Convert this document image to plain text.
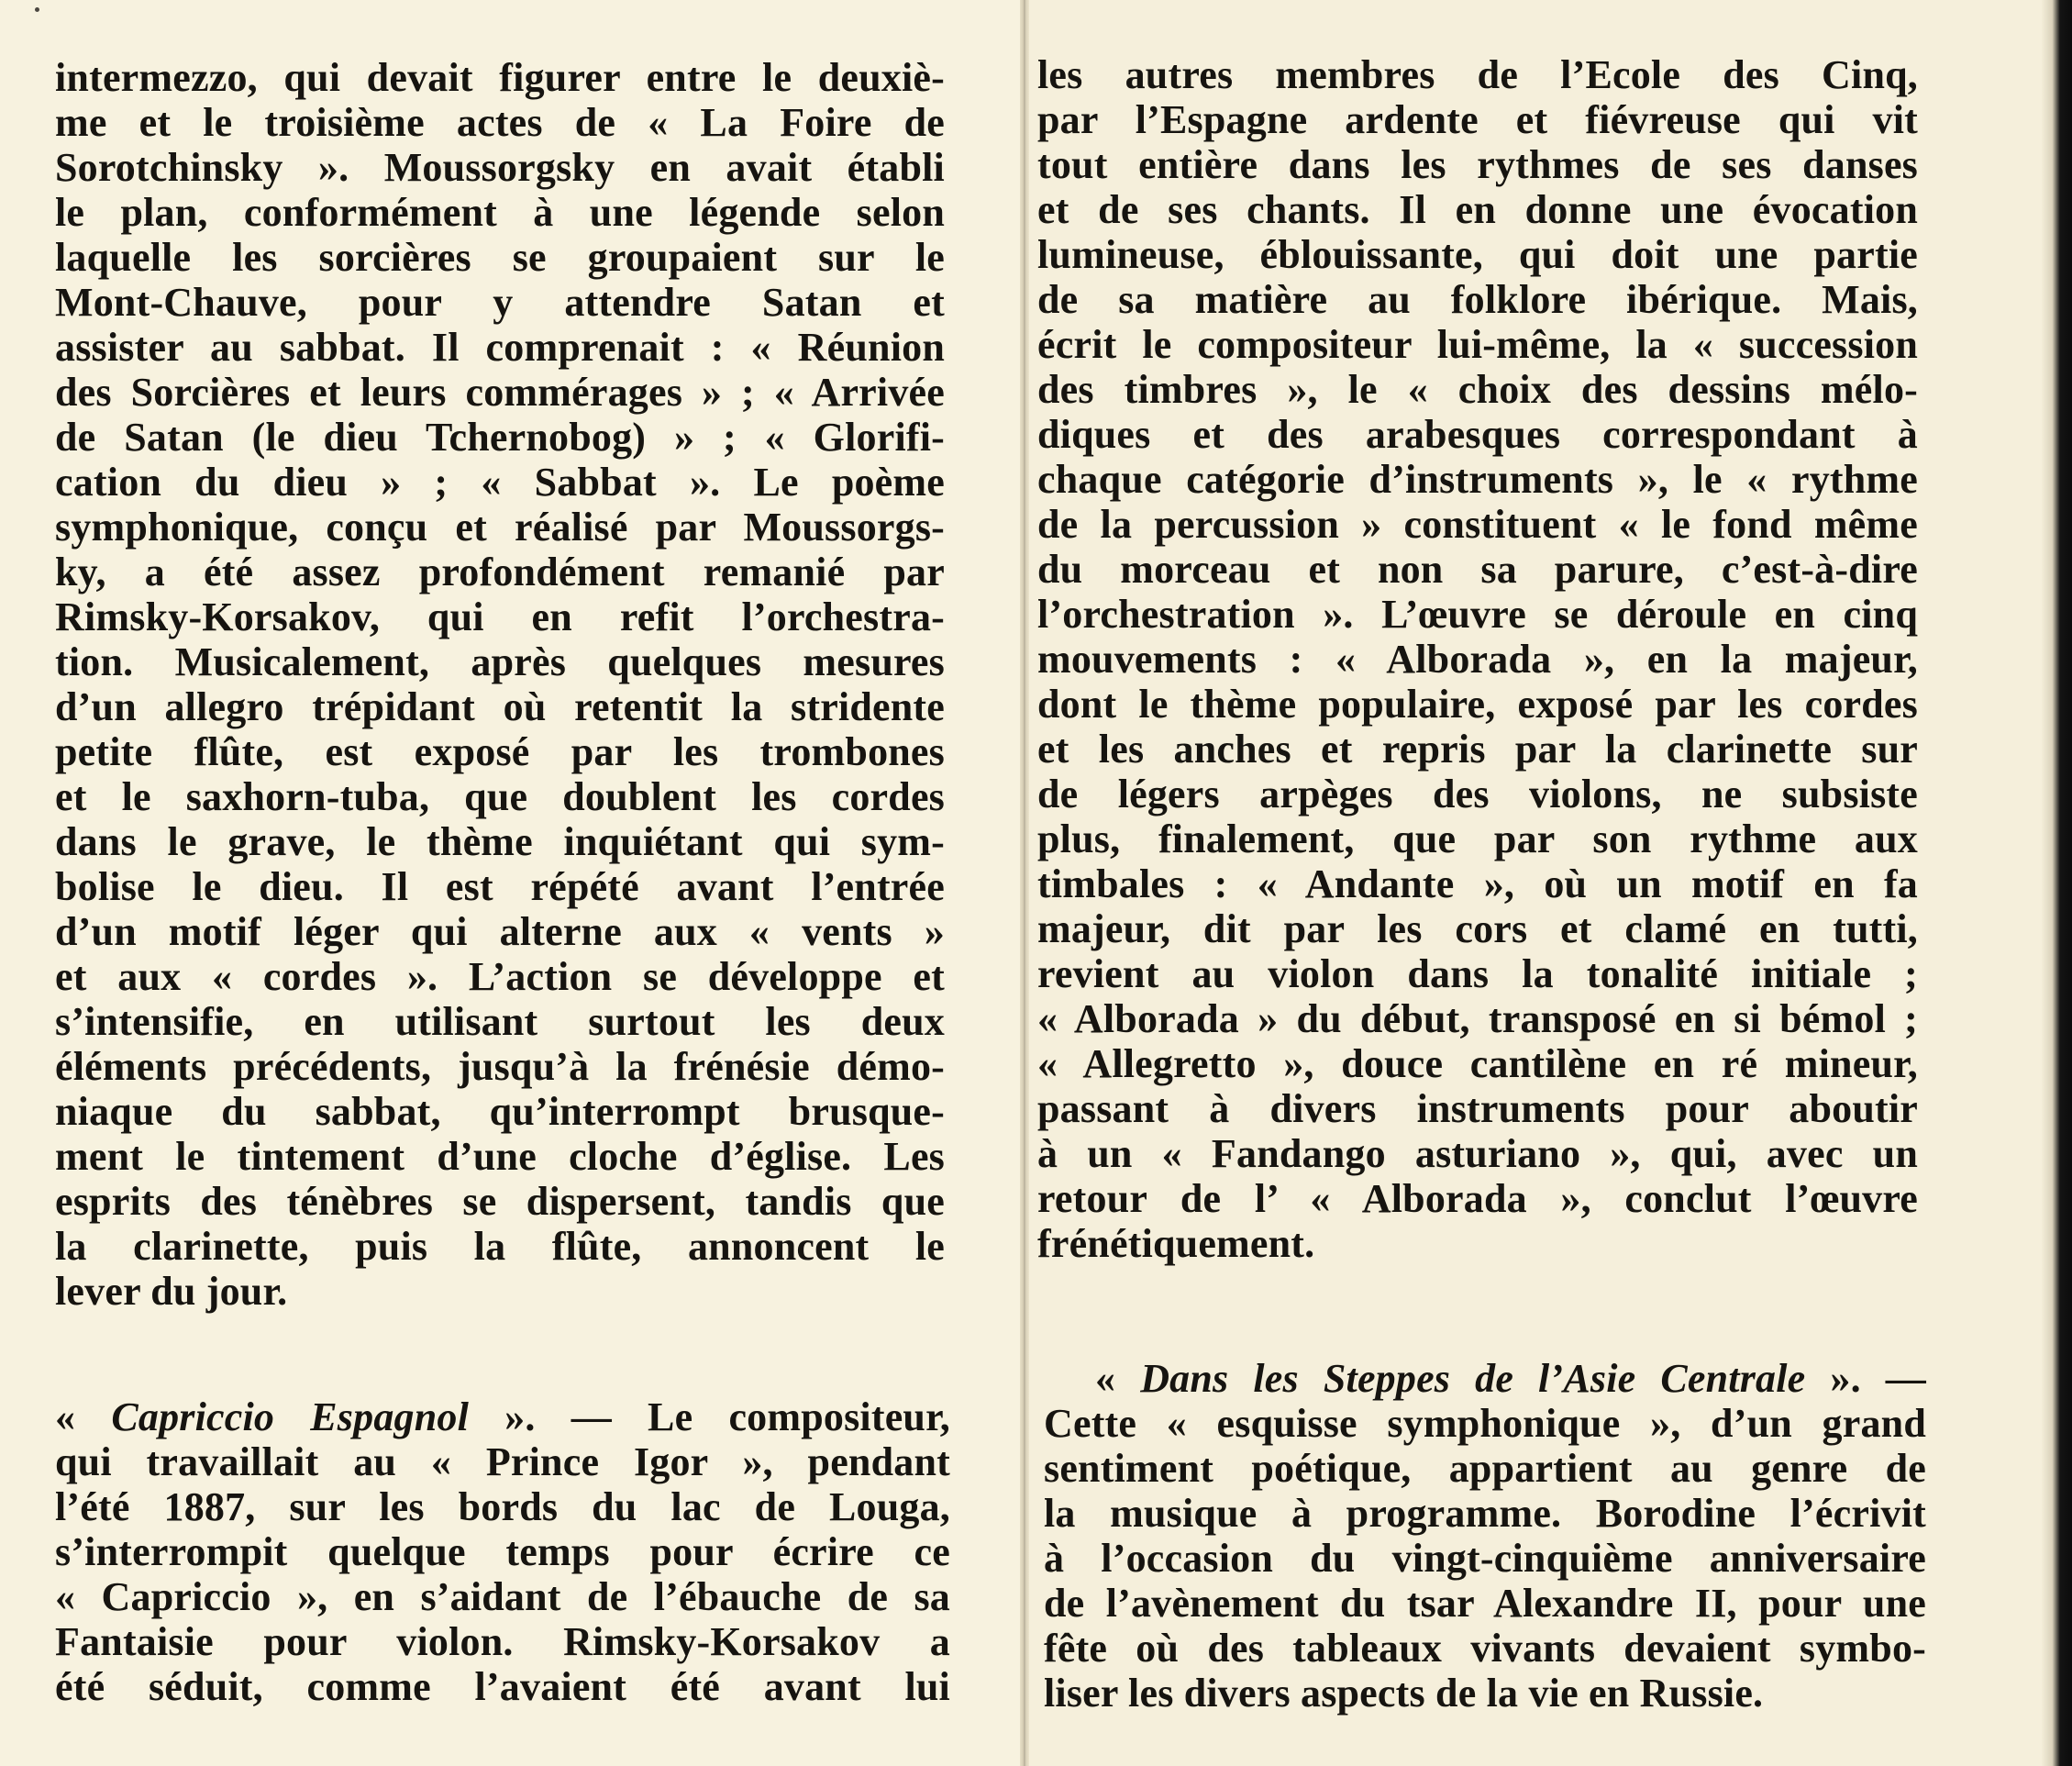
intermezzo, qui devait figurer entre le deuxiè-
me et le troisième actes de « La Foire de
Sorotchinsky ». Moussorgsky en avait établi
le plan, conformément à une légende selon
laquelle les sorcières se groupaient sur le
Mont-Chauve, pour y attendre Satan et
assister au sabbat. Il comprenait : « Réunion
des Sorcières et leurs commérages » ; « Arrivée
de Satan (le dieu Tchernobog) » ; « Glorifi-
cation du dieu » ; « Sabbat ». Le poème
symphonique, conçu et réalisé par Moussorgs-
ky, a été assez profondément remanié par
Rimsky-Korsakov, qui en refit l’orchestra-
tion. Musicalement, après quelques mesures
d’un allegro trépidant où retentit la stridente
petite flûte, est exposé par les trombones
et le saxhorn-tuba, que doublent les cordes
dans le grave, le thème inquiétant qui sym-
bolise le dieu. Il est répété avant l’entrée
d’un motif léger qui alterne aux « vents »
et aux « cordes ». L’action se développe et
s’intensifie, en utilisant surtout les deux
éléments précédents, jusqu’à la frénésie démo-
niaque du sabbat, qu’interrompt brusque-
ment le tintement d’une cloche d’église. Les
esprits des ténèbres se dispersent, tandis que
la clarinette, puis la flûte, annoncent le
lever du jour.
« Capriccio Espagnol ». — Le compositeur,
qui travaillait au « Prince Igor », pendant
l’été 1887, sur les bords du lac de Louga,
s’interrompit quelque temps pour écrire ce
« Capriccio », en s’aidant de l’ébauche de sa
Fantaisie pour violon. Rimsky-Korsakov a
été séduit, comme l’avaient été avant lui
les autres membres de l’Ecole des Cinq,
par l’Espagne ardente et fiévreuse qui vit
tout entière dans les rythmes de ses danses
et de ses chants. Il en donne une évocation
lumineuse, éblouissante, qui doit une partie
de sa matière au folklore ibérique. Mais,
écrit le compositeur lui-même, la « succession
des timbres », le « choix des dessins mélo-
diques et des arabesques correspondant à
chaque catégorie d’instruments », le « rythme
de la percussion » constituent « le fond même
du morceau et non sa parure, c’est-à-dire
l’orchestration ». L’œuvre se déroule en cinq
mouvements : « Alborada », en la majeur,
dont le thème populaire, exposé par les cordes
et les anches et repris par la clarinette sur
de légers arpèges des violons, ne subsiste
plus, finalement, que par son rythme aux
timbales : « Andante », où un motif en fa
majeur, dit par les cors et clamé en tutti,
revient au violon dans la tonalité initiale ;
« Alborada » du début, transposé en si bémol ;
« Allegretto », douce cantilène en ré mineur,
passant à divers instruments pour aboutir
à un « Fandango asturiano », qui, avec un
retour de l’ « Alborada », conclut l’œuvre
frénétiquement.
« Dans les Steppes de l’Asie Centrale ». —
Cette « esquisse symphonique », d’un grand
sentiment poétique, appartient au genre de
la musique à programme. Borodine l’écrivit
à l’occasion du vingt-cinquième anniversaire
de l’avènement du tsar Alexandre II, pour une
fête où des tableaux vivants devaient symbo-
liser les divers aspects de la vie en Russie.
